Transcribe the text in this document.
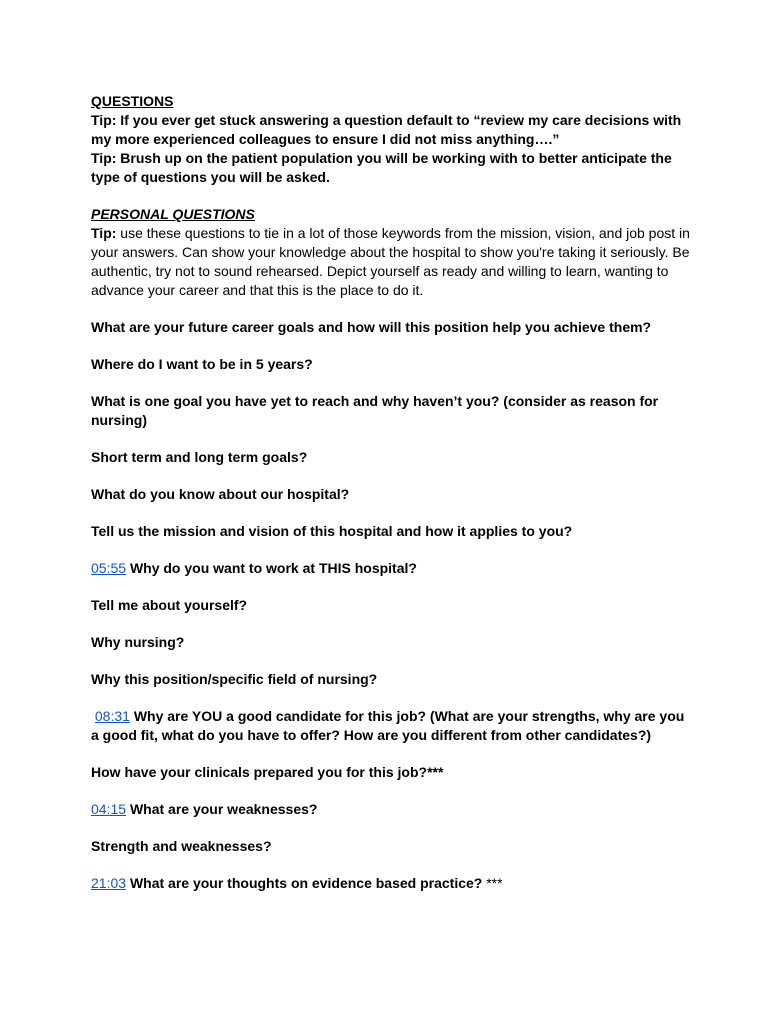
QUESTIONS

Tip: If you ever get stuck answering a question default to “review my care decisions with my more experienced colleagues to ensure I did not miss anything….”

Tip: Brush up on the patient population you will be working with to better anticipate the type of questions you will be asked.

PERSONAL QUESTIONS

Tip: use these questions to tie in a lot of those keywords from the mission, vision, and job post in your answers. Can show your knowledge about the hospital to show you're taking it seriously. Be authentic, try not to sound rehearsed. Depict yourself as ready and willing to learn, wanting to advance your career and that this is the place to do it.

What are your future career goals and how will this position help you achieve them?

Where do I want to be in 5 years?

What is one goal you have yet to reach and why haven’t you? (consider as reason for nursing)

Short term and long term goals?

What do you know about our hospital?

Tell us the mission and vision of this hospital and how it applies to you?

05:55 Why do you want to work at THIS hospital?

Tell me about yourself?

Why nursing?

Why this position/specific field of nursing?

08:31 Why are YOU a good candidate for this job? (What are your strengths, why are you a good fit, what do you have to offer? How are you different from other candidates?)

How have your clinicals prepared you for this job?***

04:15 What are your weaknesses?

Strength and weaknesses?

21:03 What are your thoughts on evidence based practice? ***
